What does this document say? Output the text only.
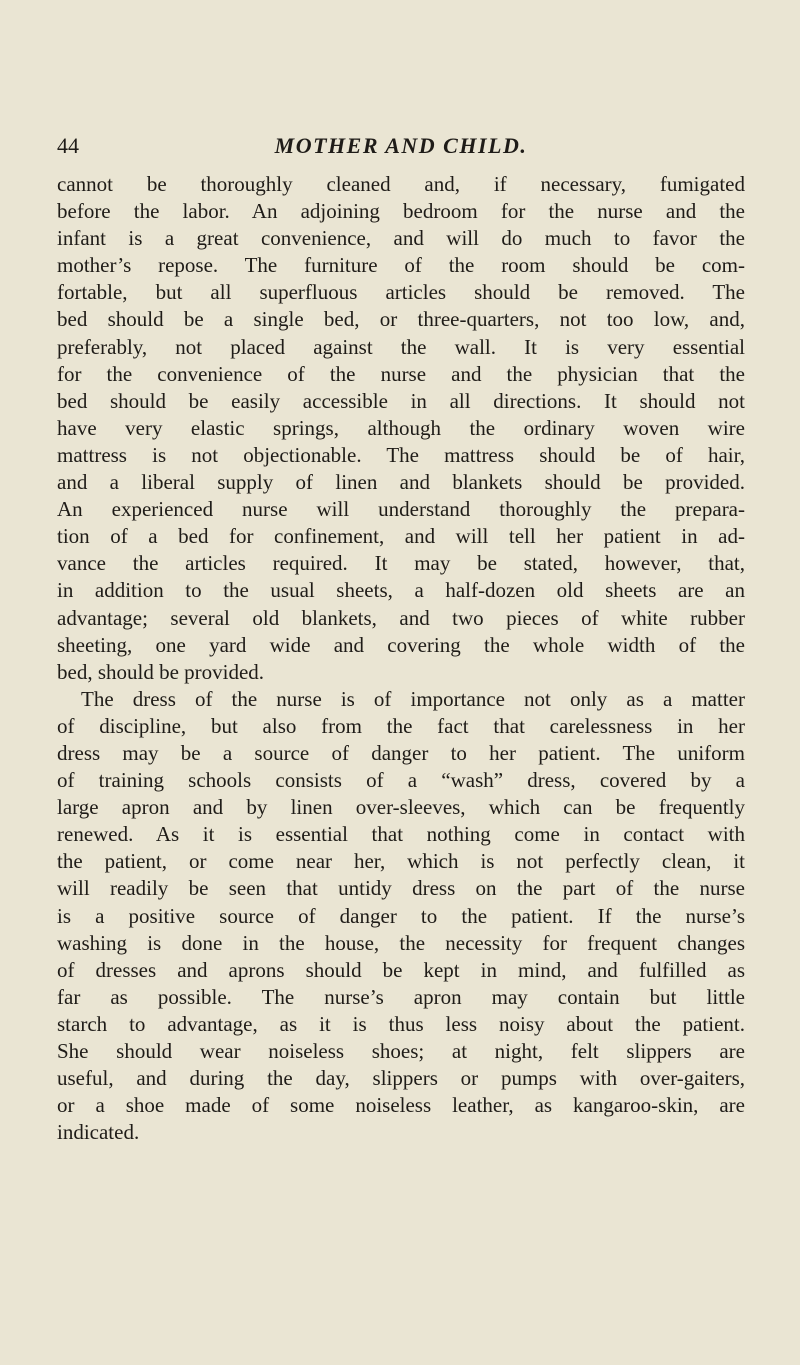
44	MOTHER AND CHILD.
cannot be thoroughly cleaned and, if necessary, fumigated
before the labor. An adjoining bedroom for the nurse and the
infant is a great convenience, and will do much to favor the
mother’s repose. The furniture of the room should be com-
fortable, but all superfluous articles should be removed. The
bed should be a single bed, or three-quarters, not too low, and,
preferably, not placed against the wall. It is very essential
for the convenience of the nurse and the physician that the
bed should be easily accessible in all directions. It should not
have very elastic springs, although the ordinary woven wire
mattress is not objectionable. The mattress should be of hair,
and a liberal supply of linen and blankets should be provided.
An experienced nurse will understand thoroughly the prepara-
tion of a bed for confinement, and will tell her patient in ad-
vance the articles required. It may be stated, however, that,
in addition to the usual sheets, a half-dozen old sheets are an
advantage; several old blankets, and two pieces of white rubber
sheeting, one yard wide and covering the whole width of the
bed, should be provided.
The dress of the nurse is of importance not only as a matter
of discipline, but also from the fact that carelessness in her
dress may be a source of danger to her patient. The uniform
of training schools consists of a “wash” dress, covered by a
large apron and by linen over-sleeves, which can be frequently
renewed. As it is essential that nothing come in contact with
the patient, or come near her, which is not perfectly clean, it
will readily be seen that untidy dress on the part of the nurse
is a positive source of danger to the patient. If the nurse’s
washing is done in the house, the necessity for frequent changes
of dresses and aprons should be kept in mind, and fulfilled as
far as possible. The nurse’s apron may contain but little
starch to advantage, as it is thus less noisy about the patient.
She should wear noiseless shoes; at night, felt slippers are
useful, and during the day, slippers or pumps with over-gaiters,
or a shoe made of some noiseless leather, as kangaroo-skin, are
indicated.
